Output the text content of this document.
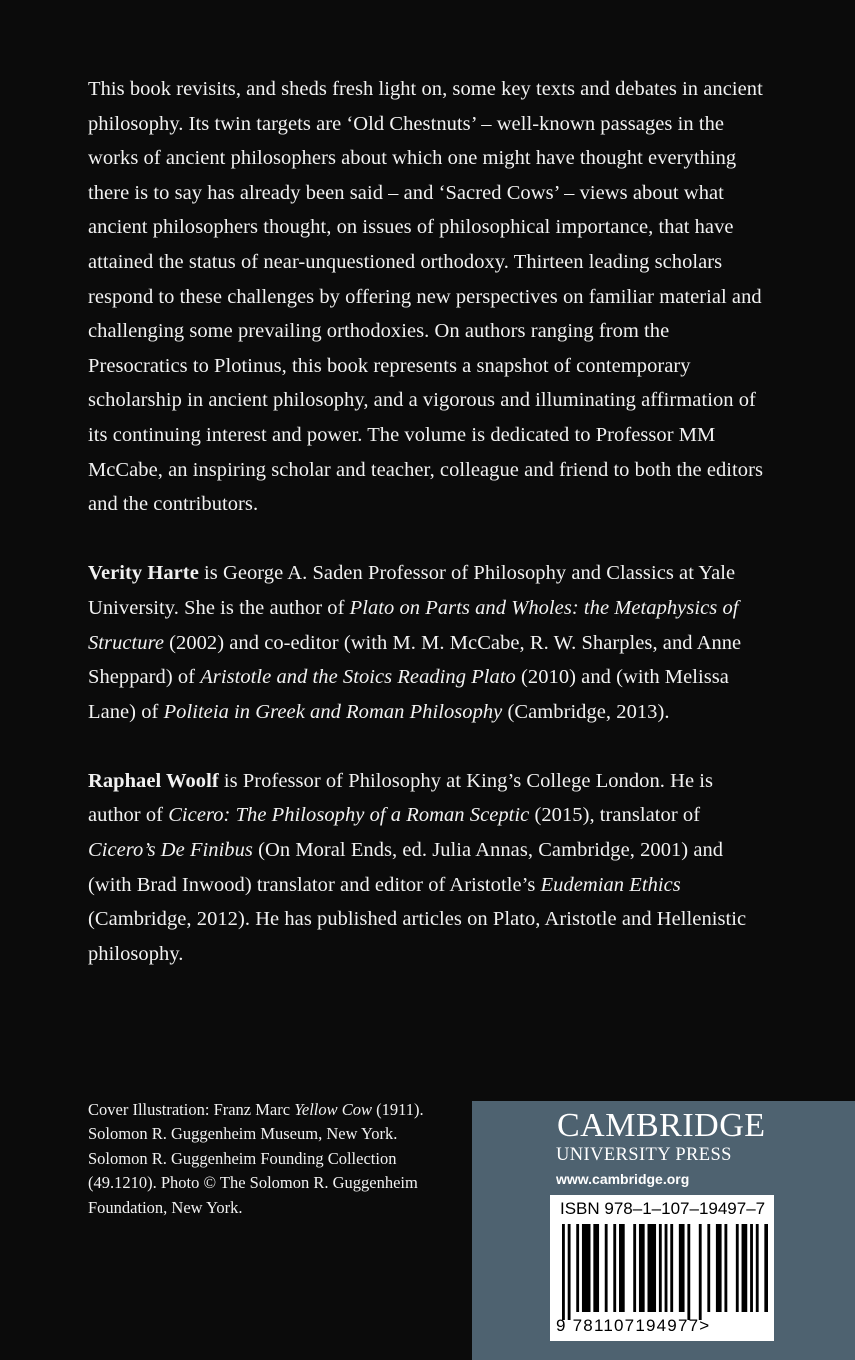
This book revisits, and sheds fresh light on, some key texts and debates in ancient philosophy. Its twin targets are ‘Old Chestnuts’ – well-known passages in the works of ancient philosophers about which one might have thought everything there is to say has already been said – and ‘Sacred Cows’ – views about what ancient philosophers thought, on issues of philosophical importance, that have attained the status of near-unquestioned orthodoxy. Thirteen leading scholars respond to these challenges by offering new perspectives on familiar material and challenging some prevailing orthodoxies. On authors ranging from the Presocratics to Plotinus, this book represents a snapshot of contemporary scholarship in ancient philosophy, and a vigorous and illuminating affirmation of its continuing interest and power. The volume is dedicated to Professor MM McCabe, an inspiring scholar and teacher, colleague and friend to both the editors and the contributors.

Verity Harte is George A. Saden Professor of Philosophy and Classics at Yale University. She is the author of Plato on Parts and Wholes: the Metaphysics of Structure (2002) and co-editor (with M. M. McCabe, R. W. Sharples, and Anne Sheppard) of Aristotle and the Stoics Reading Plato (2010) and (with Melissa Lane) of Politeia in Greek and Roman Philosophy (Cambridge, 2013).

Raphael Woolf is Professor of Philosophy at King’s College London. He is author of Cicero: The Philosophy of a Roman Sceptic (2015), translator of Cicero’s De Finibus (On Moral Ends, ed. Julia Annas, Cambridge, 2001) and (with Brad Inwood) translator and editor of Aristotle’s Eudemian Ethics (Cambridge, 2012). He has published articles on Plato, Aristotle and Hellenistic philosophy.

Cover Illustration: Franz Marc Yellow Cow (1911). Solomon R. Guggenheim Museum, New York. Solomon R. Guggenheim Founding Collection (49.1210). Photo © The Solomon R. Guggenheim Foundation, New York.
CAMBRIDGE
UNIVERSITY PRESS
www.cambridge.org
ISBN 978–1–107–19497–7
9 781107194977>
